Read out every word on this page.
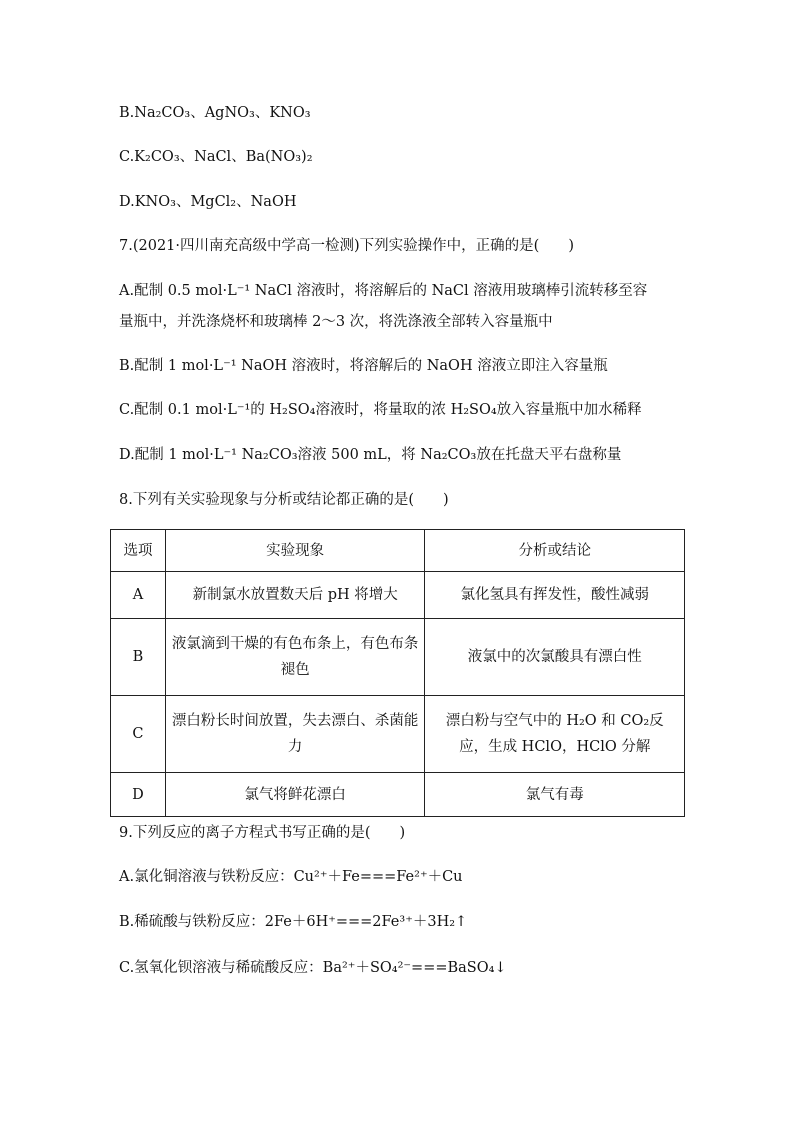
B.Na₂CO₃、AgNO₃、KNO₃
C.K₂CO₃、NaCl、Ba(NO₃)₂
D.KNO₃、MgCl₂、NaOH
7.(2021·四川南充高级中学高一检测)下列实验操作中，正确的是(　　)
A.配制 0.5 mol·L⁻¹ NaCl 溶液时，将溶解后的 NaCl 溶液用玻璃棒引流转移至容
量瓶中，并洗涤烧杯和玻璃棒 2～3 次，将洗涤液全部转入容量瓶中
B.配制 1 mol·L⁻¹ NaOH 溶液时，将溶解后的 NaOH 溶液立即注入容量瓶
C.配制 0.1 mol·L⁻¹的 H₂SO₄溶液时，将量取的浓 H₂SO₄放入容量瓶中加水稀释
D.配制 1 mol·L⁻¹ Na₂CO₃溶液 500 mL，将 Na₂CO₃放在托盘天平右盘称量
8.下列有关实验现象与分析或结论都正确的是(　　)
选项	实验现象	分析或结论
A	新制氯水放置数天后 pH 将增大	氯化氢具有挥发性，酸性减弱
B	液氯滴到干燥的有色布条上，有色布条褪色	液氯中的次氯酸具有漂白性
C	漂白粉长时间放置，失去漂白、杀菌能力	漂白粉与空气中的 H₂O 和 CO₂反应，生成 HClO，HClO 分解
D	氯气将鲜花漂白	氯气有毒
9.下列反应的离子方程式书写正确的是(　　)
A.氯化铜溶液与铁粉反应：Cu²⁺＋Fe===Fe²⁺＋Cu
B.稀硫酸与铁粉反应：2Fe＋6H⁺===2Fe³⁺＋3H₂↑
C.氢氧化钡溶液与稀硫酸反应：Ba²⁺＋SO₄²⁻===BaSO₄↓
